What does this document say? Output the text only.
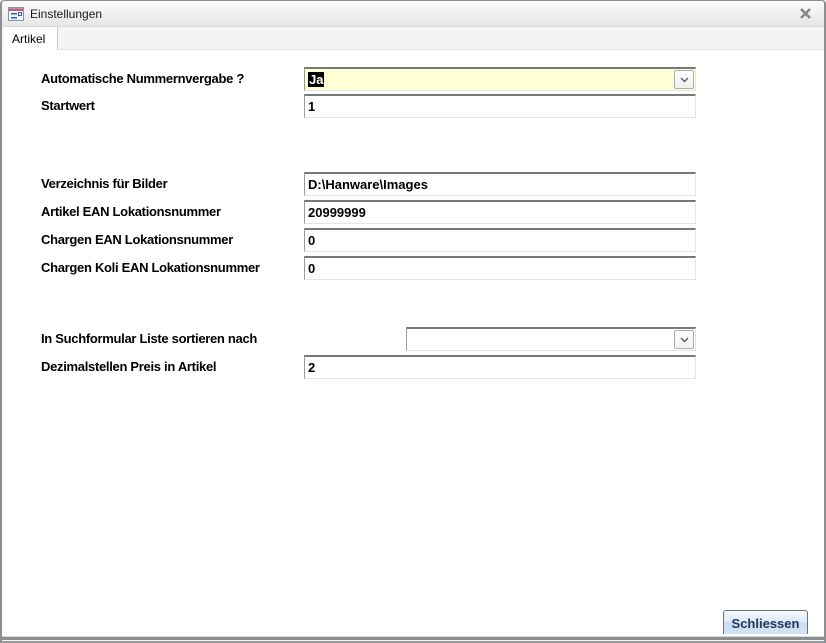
Einstellungen
Artikel
Automatische Nummernvergabe ?	Ja
Startwert	1
Verzeichnis für Bilder	D:\Hanware\Images
Artikel EAN Lokationsnummer	20999999
Chargen EAN Lokationsnummer	0
Chargen Koli EAN Lokationsnummer	0
In Suchformular Liste sortieren nach
Dezimalstellen Preis in Artikel	2
Schliessen
